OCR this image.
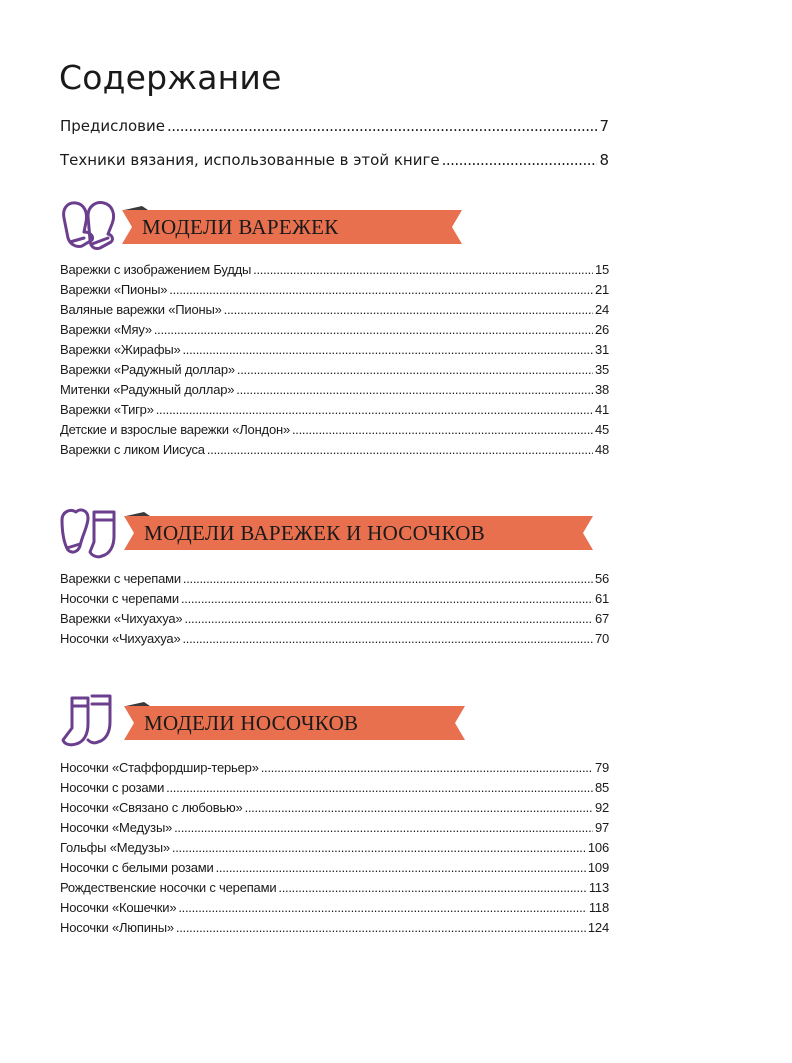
Содержание
Предисловие .....	7
Техники вязания, использованные в этой книге .....	8
МОДЕЛИ ВАРЕЖЕК
Варежки с изображением Будды .....	15
Варежки «Пионы» .....	21
Валяные варежки «Пионы» .....	24
Варежки «Мяу» .....	26
Варежки «Жирафы» .....	31
Варежки «Радужный доллар» .....	35
Митенки «Радужный доллар» .....	38
Варежки «Тигр» .....	41
Детские и взрослые варежки «Лондон» .....	45
Варежки с ликом Иисуса .....	48
МОДЕЛИ ВАРЕЖЕК И НОСОЧКОВ
Варежки с черепами .....	56
Носочки с черепами .....	61
Варежки «Чихуахуа» .....	67
Носочки «Чихуахуа» .....	70
МОДЕЛИ НОСОЧКОВ
Носочки «Стаффордшир-терьер» .....	79
Носочки с розами .....	85
Носочки «Связано с любовью» .....	92
Носочки «Медузы» .....	97
Гольфы «Медузы» .....	106
Носочки с белыми розами .....	109
Рождественские носочки с черепами .....	113
Носочки «Кошечки» .....	118
Носочки «Люпины» .....	124
